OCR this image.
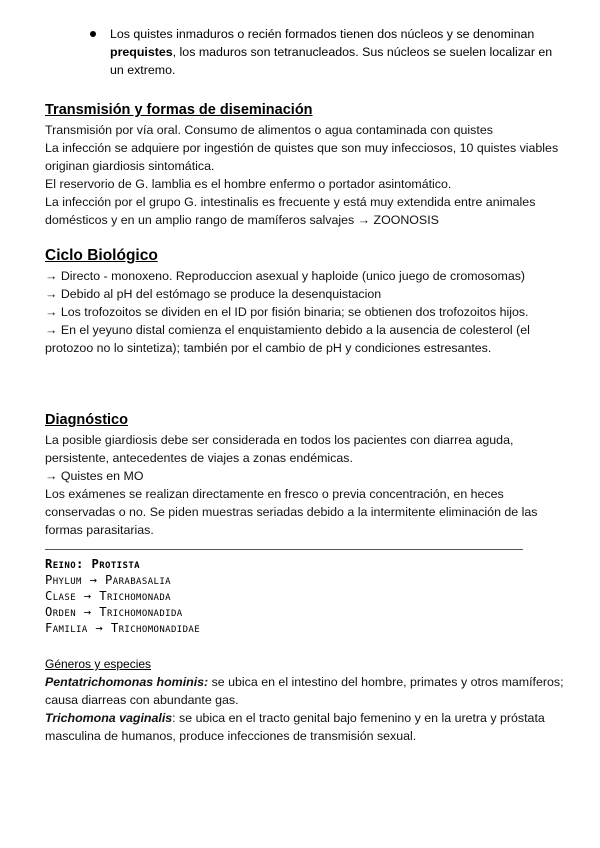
Los quistes inmaduros o recién formados tienen dos núcleos y se denominan prequistes, los maduros son tetranucleados. Sus núcleos se suelen localizar en un extremo.

Transmisión y formas de diseminación

Transmisión por vía oral. Consumo de alimentos o agua contaminada con quistes

La infección se adquiere por ingestión de quistes que son muy infecciosos, 10 quistes viables originan giardiosis sintomática.

El reservorio de G. lamblia es el hombre enfermo o portador asintomático.

La infección por el grupo G. intestinalis es frecuente y está muy extendida entre animales domésticos y en un amplio rango de mamíferos salvajes → ZOONOSIS

Ciclo Biológico

→ Directo - monoxeno. Reproduccion asexual y haploide (unico juego de cromosomas)

→ Debido al pH del estómago se produce la desenquistacion

→ Los trofozoitos se dividen en el ID por fisión binaria; se obtienen dos trofozoitos hijos.

→ En el yeyuno distal comienza el enquistamiento debido a la ausencia de colesterol (el protozoo no lo sintetiza); también por el cambio de pH y condiciones estresantes.

Diagnóstico

La posible giardiosis debe ser considerada en todos los pacientes con diarrea aguda, persistente, antecedentes de viajes a zonas endémicas.

→ Quistes en MO

Los exámenes se realizan directamente en fresco o previa concentración, en heces conservadas o no. Se piden muestras seriadas debido a la intermitente eliminación de las formas parasitarias.

Reino: Protista
Phylum → Parabasalia
Clase → Trichomonada
Orden → Trichomonadida
Familia → Trichomonadidae

Géneros y especies

Pentatrichomonas hominis: se ubica en el intestino del hombre, primates y otros mamíferos; causa diarreas con abundante gas.

Trichomona vaginalis: se ubica en el tracto genital bajo femenino y en la uretra y próstata masculina de humanos, produce infecciones de transmisión sexual.
